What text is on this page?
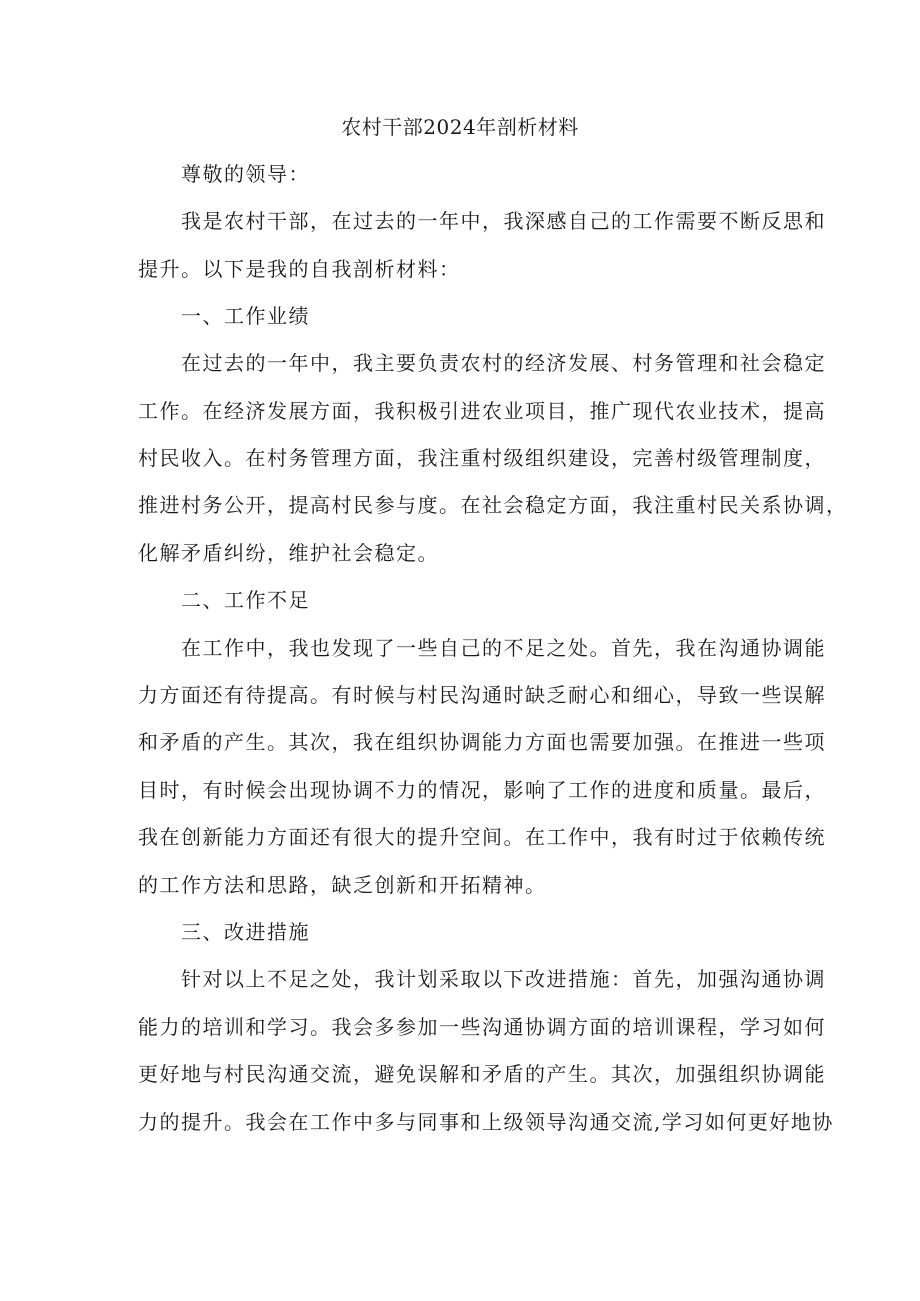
农村干部2024年剖析材料
尊敬的领导：
我是农村干部，在过去的一年中，我深感自己的工作需要不断反思和
提升。以下是我的自我剖析材料：
一、工作业绩
在过去的一年中，我主要负责农村的经济发展、村务管理和社会稳定
工作。在经济发展方面，我积极引进农业项目，推广现代农业技术，提高
村民收入。在村务管理方面，我注重村级组织建设，完善村级管理制度，
推进村务公开，提高村民参与度。在社会稳定方面，我注重村民关系协调，
化解矛盾纠纷，维护社会稳定。
二、工作不足
在工作中，我也发现了一些自己的不足之处。首先，我在沟通协调能
力方面还有待提高。有时候与村民沟通时缺乏耐心和细心，导致一些误解
和矛盾的产生。其次，我在组织协调能力方面也需要加强。在推进一些项
目时，有时候会出现协调不力的情况，影响了工作的进度和质量。最后，
我在创新能力方面还有很大的提升空间。在工作中，我有时过于依赖传统
的工作方法和思路，缺乏创新和开拓精神。
三、改进措施
针对以上不足之处，我计划采取以下改进措施：首先，加强沟通协调
能力的培训和学习。我会多参加一些沟通协调方面的培训课程，学习如何
更好地与村民沟通交流，避免误解和矛盾的产生。其次，加强组织协调能
力的提升。我会在工作中多与同事和上级领导沟通交流,学习如何更好地协
